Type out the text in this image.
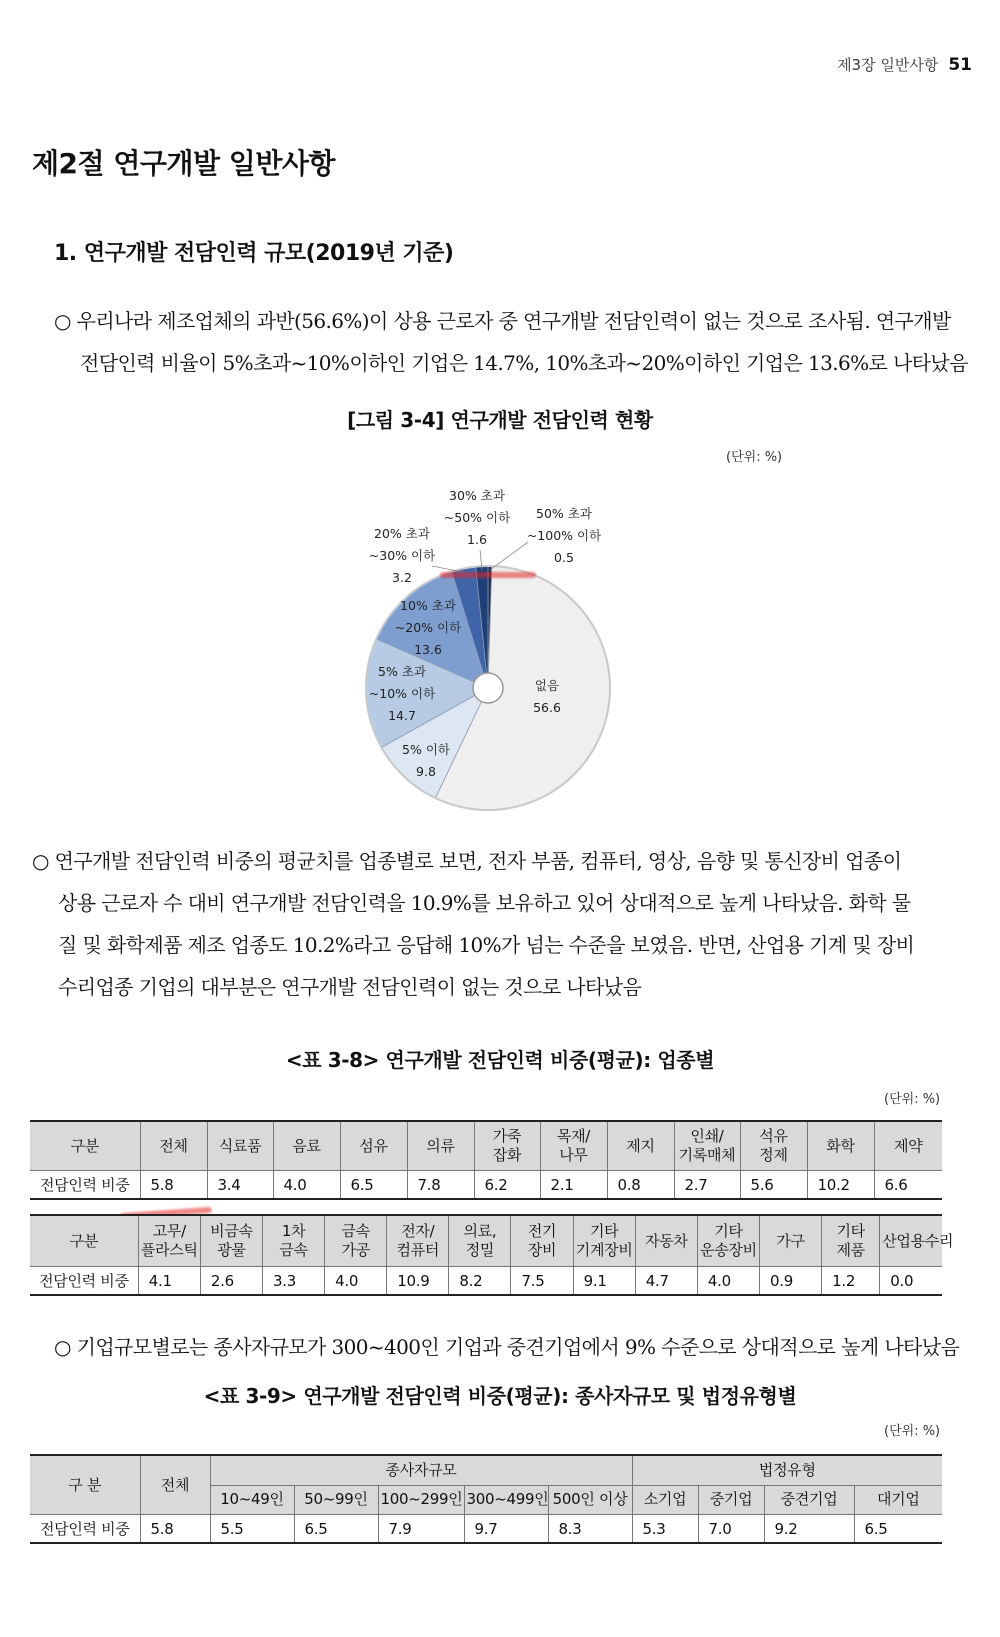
제3장 일반사항 51
제2절 연구개발 일반사항
1. 연구개발 전담인력 규모(2019년 기준)
○ 우리나라 제조업체의 과반(56.6%)이 상용 근로자 중 연구개발 전담인력이 없는 것으로 조사됨. 연구개발
전담인력 비율이 5%초과~10%이하인 기업은 14.7%, 10%초과~20%이하인 기업은 13.6%로 나타났음
[그림 3-4] 연구개발 전담인력 현황
(단위: %)
50% 초과 ~100% 이하 0.5
없음 56.6
5% 이하 9.8
5% 초과 ~10% 이하 14.7
10% 초과 ~20% 이하 13.6
20% 초과 ~30% 이하 3.2
30% 초과 ~50% 이하 1.6
○ 연구개발 전담인력 비중의 평균치를 업종별로 보면, 전자 부품, 컴퓨터, 영상, 음향 및 통신장비 업종이
상용 근로자 수 대비 연구개발 전담인력을 10.9%를 보유하고 있어 상대적으로 높게 나타났음. 화학 물
질 및 화학제품 제조 업종도 10.2%라고 응답해 10%가 넘는 수준을 보였음. 반면, 산업용 기계 및 장비
수리업종 기업의 대부분은 연구개발 전담인력이 없는 것으로 나타났음
<표 3-8> 연구개발 전담인력 비중(평균): 업종별
(단위: %)
구분	전체	식료품	음료	섬유	의류	가죽
잡화	목재/
나무	제지	인쇄/
기록매체	석유
정제	화학	제약
전담인력 비중	5.8	3.4	4.0	6.5	7.8	6.2	2.1	0.8	2.7	5.6	10.2	6.6
구분	고무/
플라스틱	비금속
광물	1차
금속	금속
가공	전자/
컴퓨터	의료,
정밀	전기
장비	기타
기계장비	자동차	기타
운송장비	가구	기타
제품	산업용수리
전담인력 비중	4.1	2.6	3.3	4.0	10.9	8.2	7.5	9.1	4.7	4.0	0.9	1.2	0.0
○ 기업규모별로는 종사자규모가 300~400인 기업과 중견기업에서 9% 수준으로 상대적으로 높게 나타났음
<표 3-9> 연구개발 전담인력 비중(평균): 종사자규모 및 법정유형별
(단위: %)
구 분	전체	종사자규모					법정유형			
		10~49인	50~99인	100~299인	300~499인	500인 이상	소기업	중기업	중견기업	대기업
전담인력 비중	5.8	5.5	6.5	7.9	9.7	8.3	5.3	7.0	9.2	6.5
